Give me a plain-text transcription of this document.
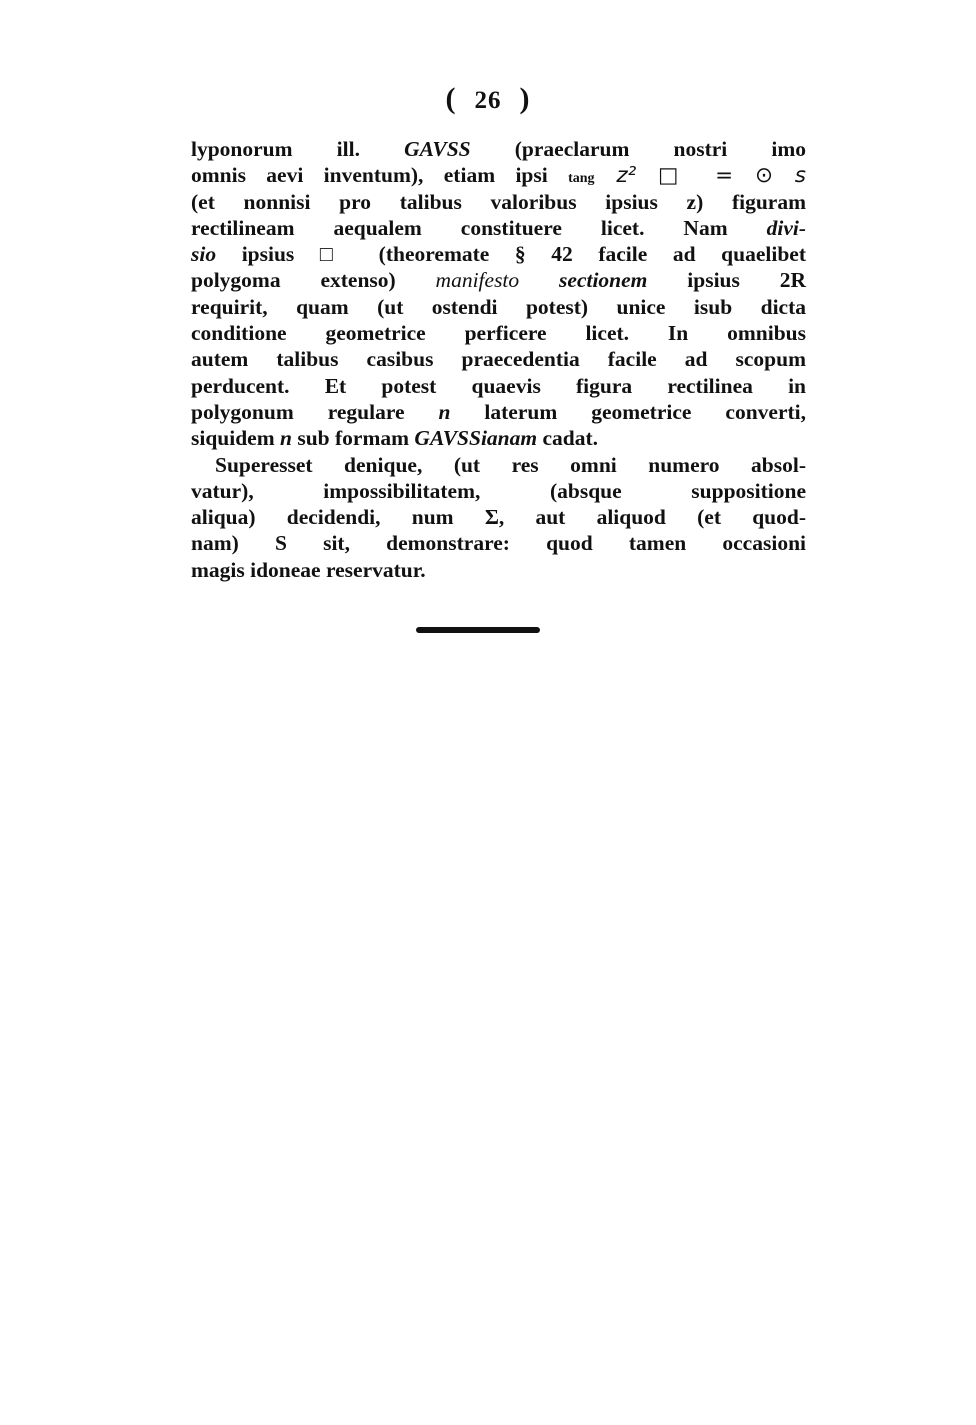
( 26 )
lyponorum ill. GAVSS (praeclarum nostri imo
omnis aevi inventum), etiam ipsi tang z² □ = ⊙ s
(et nonnisi pro talibus valoribus ipsius z) figuram
rectilineam aequalem constituere licet. Nam divi-
sio ipsius □ (theoremate § 42 facile ad quaelibet
polygoma extenso) manifesto sectionem ipsius 2R
requirit, quam (ut ostendi potest) unice isub dicta
conditione geometrice perficere licet. In omnibus
autem talibus casibus praecedentia facile ad scopum
perducent. Et potest quaevis figura rectilinea in
polygonum regulare n laterum geometrice converti,
siquidem n sub formam GAVSSianam cadat.
Superesset denique, (ut res omni numero absol-
vatur), impossibilitatem, (absque suppositione
aliqua) decidendi, num Σ, aut aliquod (et quod-
nam) S sit, demonstrare: quod tamen occasioni
magis idoneae reservatur.
